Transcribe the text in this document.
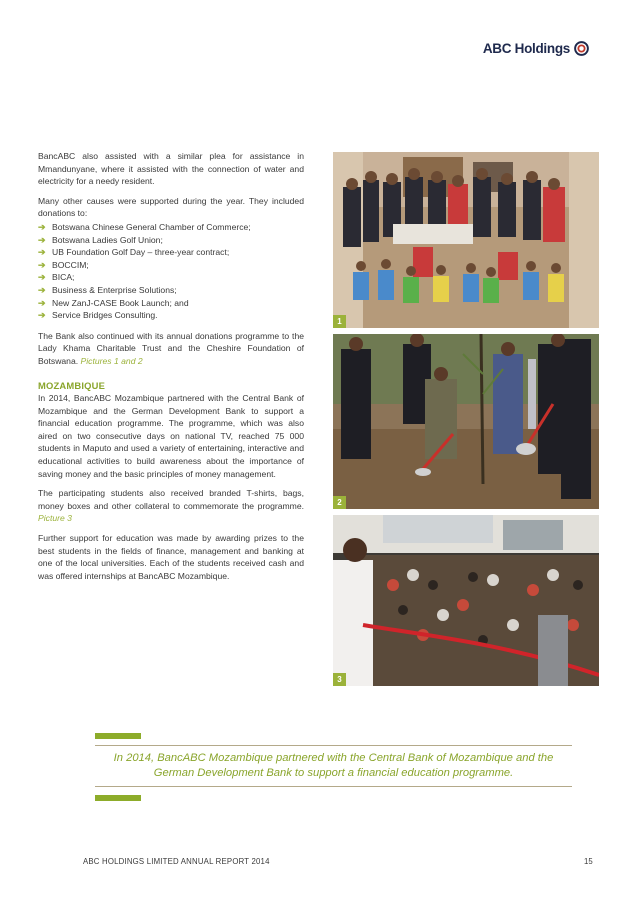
ABC Holdings

BancABC also assisted with a similar plea for assistance in Mmandunyane, where it assisted with the connection of water and electricity for a needy resident.

Many other causes were supported during the year. They included donations to:

➔ Botswana Chinese General Chamber of Commerce;
➔ Botswana Ladies Golf Union;
➔ UB Foundation Golf Day – three-year contract;
➔ BOCCIM;
➔ BICA;
➔ Business & Enterprise Solutions;
➔ New ZanJ-CASE Book Launch; and
➔ Service Bridges Consulting.

The Bank also continued with its annual donations programme to the Lady Khama Charitable Trust and the Cheshire Foundation of Botswana. Pictures 1 and 2

MOZAMBIQUE

In 2014, BancABC Mozambique partnered with the Central Bank of Mozambique and the German Development Bank to support a financial education programme. The programme, which was also aired on two consecutive days on national TV, reached 75 000 students in Maputo and used a variety of entertaining, interactive and educational activities to build awareness about the importance of saving money and the basic principles of money management.

The participating students also received branded T-shirts, bags, money boxes and other collateral to commemorate the programme. Picture 3

Further support for education was made by awarding prizes to the best students in the fields of finance, management and banking at one of the local universities. Each of the students received cash and was offered internships at BancABC Mozambique.

1
2
3
In 2014, BancABC Mozambique partnered with the Central Bank of Mozambique and the German Development Bank to support a financial education programme.
ABC HOLDINGS LIMITED ANNUAL REPORT 2014	15
